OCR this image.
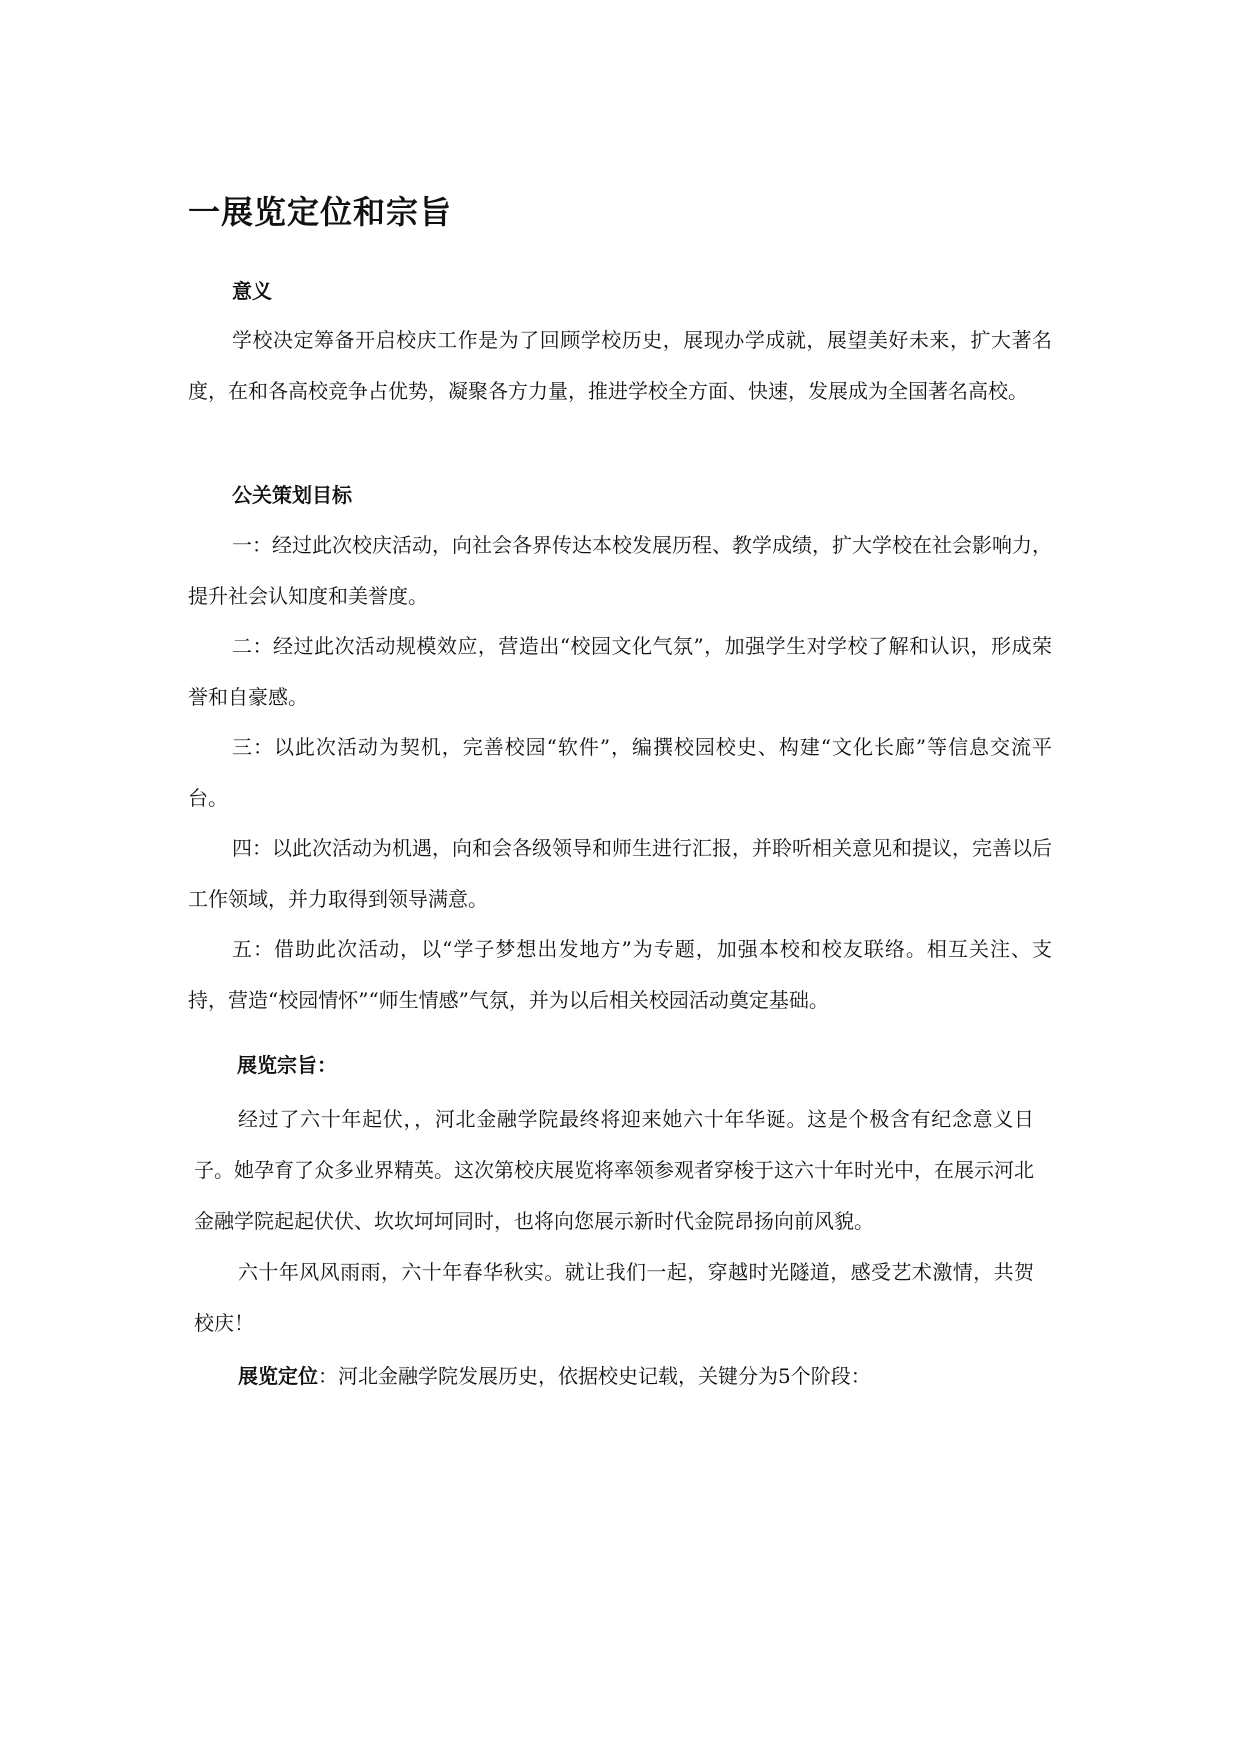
一展览定位和宗旨
意义

学校决定筹备开启校庆工作是为了回顾学校历史，展现办学成就，展望美好未来，扩大著名度，在和各高校竞争占优势，凝聚各方力量，推进学校全方面、快速，发展成为全国著名高校。

公关策划目标

一：经过此次校庆活动，向社会各界传达本校发展历程、教学成绩，扩大学校在社会影响力，提升社会认知度和美誉度。

二：经过此次活动规模效应，营造出“校园文化气氛”，加强学生对学校了解和认识，形成荣誉和自豪感。

三：以此次活动为契机，完善校园“软件”，编撰校园校史、构建“文化长廊”等信息交流平台。

四：以此次活动为机遇，向和会各级领导和师生进行汇报，并聆听相关意见和提议，完善以后工作领域，并力取得到领导满意。

五：借助此次活动，以“学子梦想出发地方”为专题，加强本校和校友联络。相互关注、支持，营造“校园情怀”“师生情感”气氛，并为以后相关校园活动奠定基础。

展览宗旨：

经过了六十年起伏，，河北金融学院最终将迎来她六十年华诞。这是个极含有纪念意义日子。她孕育了众多业界精英。这次第校庆展览将率领参观者穿梭于这六十年时光中，在展示河北金融学院起起伏伏、坎坎坷坷同时，也将向您展示新时代金院昂扬向前风貌。

六十年风风雨雨，六十年春华秋实。就让我们一起，穿越时光隧道，感受艺术激情，共贺校庆！

展览定位：河北金融学院发展历史，依据校史记载，关键分为5个阶段：
